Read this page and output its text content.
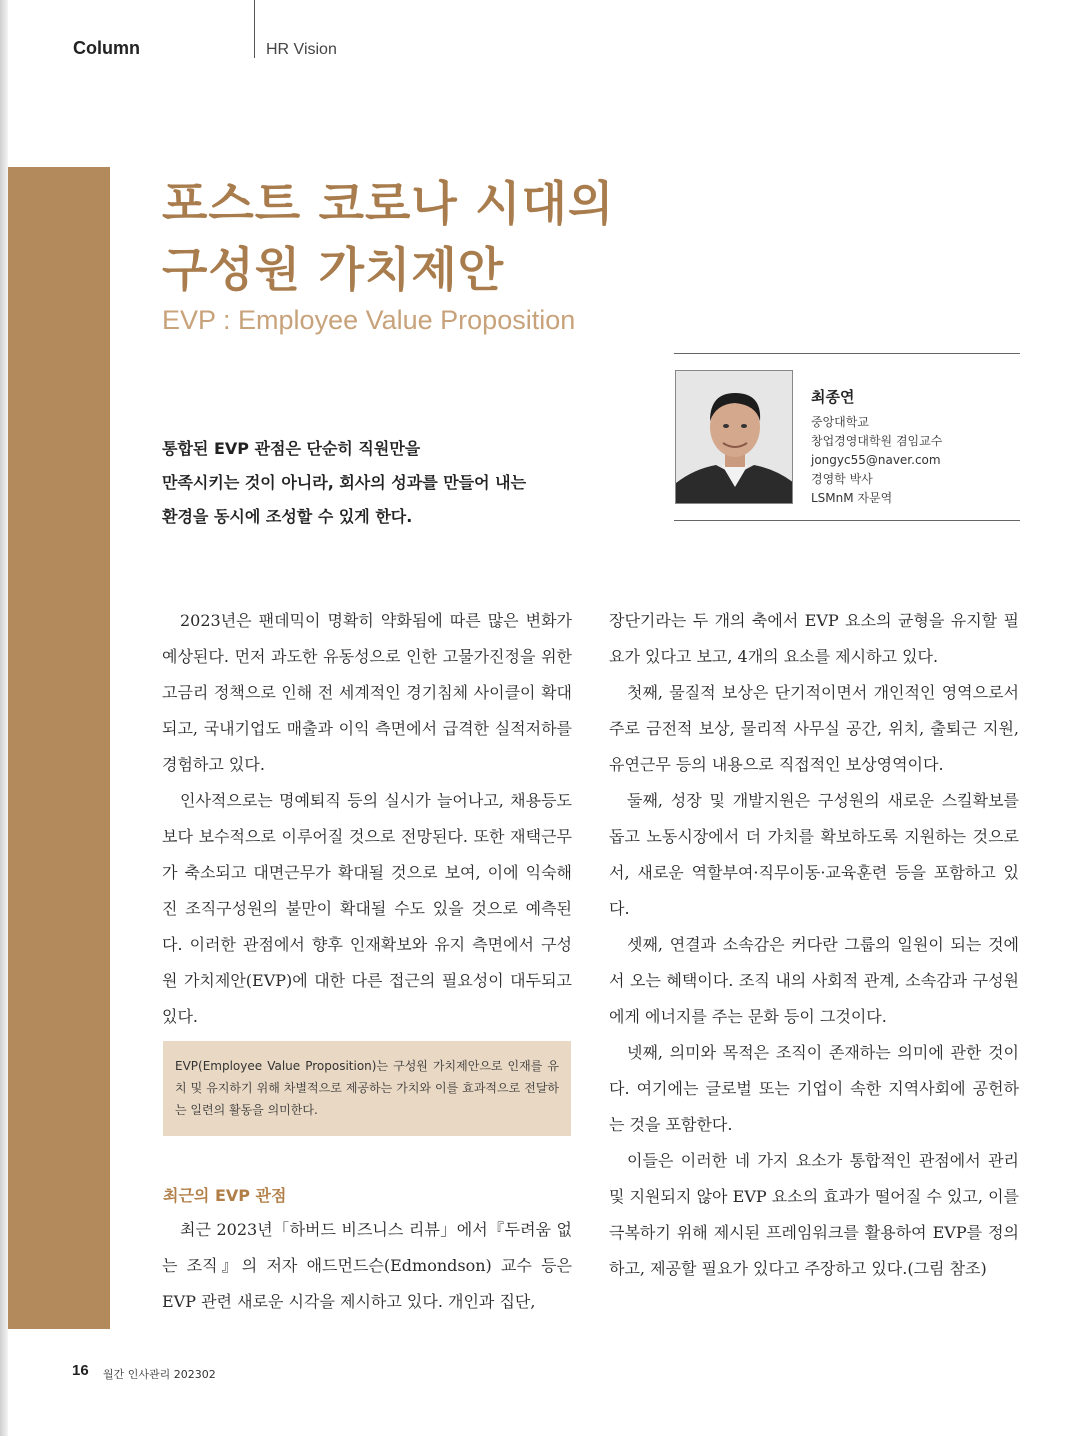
Column	HR Vision
포스트 코로나 시대의
구성원 가치제안
EVP : Employee Value Proposition
최종연
중앙대학교
창업경영대학원 겸임교수
jongyc55@naver.com
경영학 박사
LSMnM 자문역
통합된 EVP 관점은 단순히 직원만을
만족시키는 것이 아니라, 회사의 성과를 만들어 내는
환경을 동시에 조성할 수 있게 한다.

2023년은 팬데믹이 명확히 약화됨에 따른 많은 변화가 예상된다. 먼저 과도한 유동성으로 인한 고물가진정을 위한 고금리 정책으로 인해 전 세계적인 경기침체 사이클이 확대되고, 국내기업도 매출과 이익 측면에서 급격한 실적저하를 경험하고 있다.

인사적으로는 명예퇴직 등의 실시가 늘어나고, 채용등도 보다 보수적으로 이루어질 것으로 전망된다. 또한 재택근무가 축소되고 대면근무가 확대될 것으로 보여, 이에 익숙해진 조직구성원의 불만이 확대될 수도 있을 것으로 예측된다. 이러한 관점에서 향후 인재확보와 유지 측면에서 구성원 가치제안(EVP)에 대한 다른 접근의 필요성이 대두되고 있다.

EVP(Employee Value Proposition)는 구성원 가치제안으로 인재를 유치 및 유지하기 위해 차별적으로 제공하는 가치와 이를 효과적으로 전달하는 일련의 활동을 의미한다.
최근의 EVP 관점

최근 2023년「하버드 비즈니스 리뷰」에서『두려움 없는 조직』의 저자 애드먼드슨(Edmondson) 교수 등은 EVP 관련 새로운 시각을 제시하고 있다. 개인과 집단,

장단기라는 두 개의 축에서 EVP 요소의 균형을 유지할 필요가 있다고 보고, 4개의 요소를 제시하고 있다.

첫째, 물질적 보상은 단기적이면서 개인적인 영역으로서 주로 금전적 보상, 물리적 사무실 공간, 위치, 출퇴근 지원, 유연근무 등의 내용으로 직접적인 보상영역이다.

둘째, 성장 및 개발지원은 구성원의 새로운 스킬확보를 돕고 노동시장에서 더 가치를 확보하도록 지원하는 것으로서, 새로운 역할부여·직무이동·교육훈련 등을 포함하고 있다.

셋째, 연결과 소속감은 커다란 그룹의 일원이 되는 것에서 오는 혜택이다. 조직 내의 사회적 관계, 소속감과 구성원에게 에너지를 주는 문화 등이 그것이다.

넷째, 의미와 목적은 조직이 존재하는 의미에 관한 것이다. 여기에는 글로벌 또는 기업이 속한 지역사회에 공헌하는 것을 포함한다.

이들은 이러한 네 가지 요소가 통합적인 관점에서 관리 및 지원되지 않아 EVP 요소의 효과가 떨어질 수 있고, 이를 극복하기 위해 제시된 프레임워크를 활용하여 EVP를 정의하고, 제공할 필요가 있다고 주장하고 있다.(그림 참조)

16 월간 인사관리 202302
